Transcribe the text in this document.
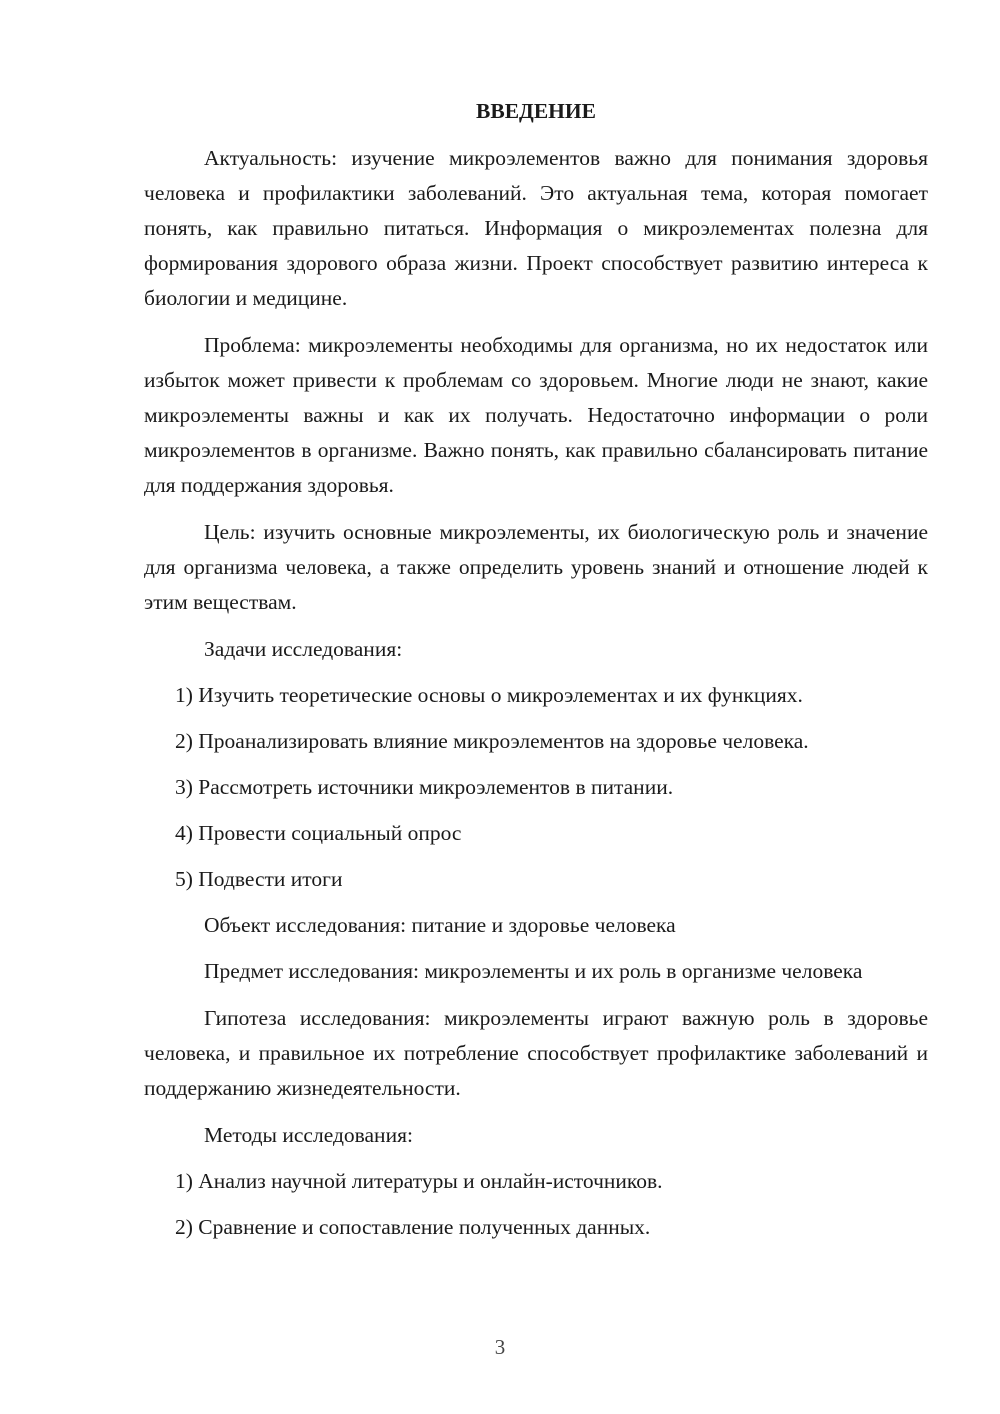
ВВЕДЕНИЕ

Актуальность: изучение микроэлементов важно для понимания здоровья человека и профилактики заболеваний. Это актуальная тема, которая помогает понять, как правильно питаться. Информация о микроэлементах полезна для формирования здорового образа жизни. Проект способствует развитию интереса к биологии и медицине.

Проблема: микроэлементы необходимы для организма, но их недостаток или избыток может привести к проблемам со здоровьем. Многие люди не знают, какие микроэлементы важны и как их получать. Недостаточно информации о роли микроэлементов в организме. Важно понять, как правильно сбалансировать питание для поддержания здоровья.

Цель: изучить основные микроэлементы, их биологическую роль и значение для организма человека, а также определить уровень знаний и отношение людей к этим веществам.

Задачи исследования:

1) Изучить теоретические основы о микроэлементах и их функциях.
2) Проанализировать влияние микроэлементов на здоровье человека.
3) Рассмотреть источники микроэлементов в питании.
4) Провести социальный опрос
5) Подвести итоги

Объект исследования: питание и здоровье человека

Предмет исследования: микроэлементы и их роль в организме человека

Гипотеза исследования: микроэлементы играют важную роль в здоровье человека, и правильное их потребление способствует профилактике заболеваний и поддержанию жизнедеятельности.

Методы исследования:

1) Анализ научной литературы и онлайн-источников.
2) Сравнение и сопоставление полученных данных.
3
